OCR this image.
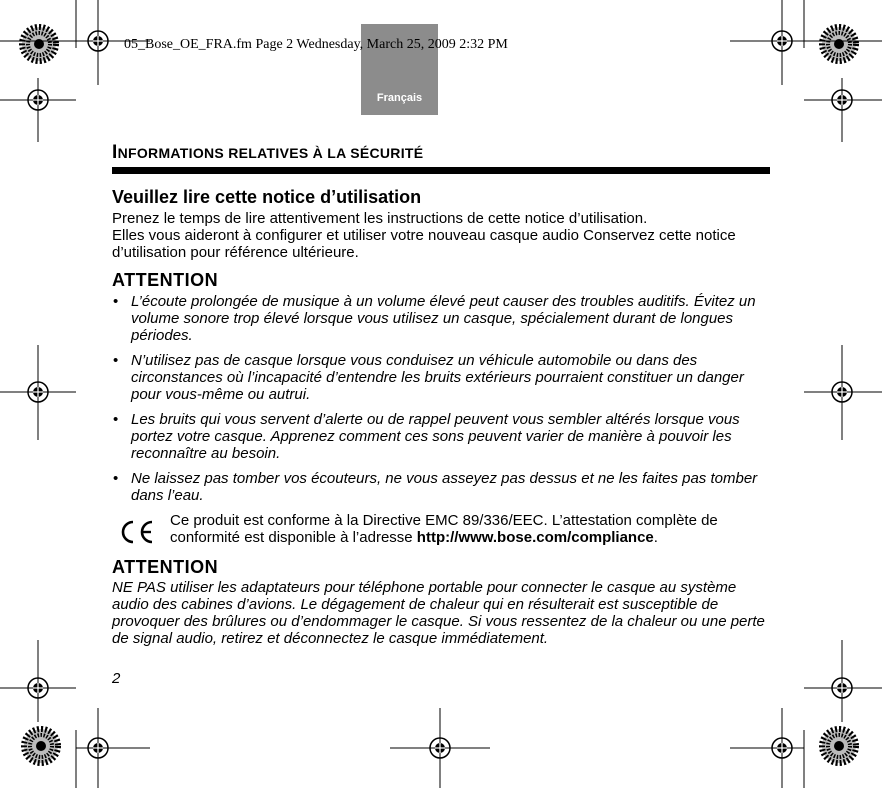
Français
05_Bose_OE_FRA.fm Page 2 Wednesday, March 25, 2009 2:32 PM
INFORMATIONS RELATIVES À LA SÉCURITÉ
Veuillez lire cette notice d’utilisation

Prenez le temps de lire attentivement les instructions de cette notice d’utilisation.

Elles vous aideront à configurer et utiliser votre nouveau casque audio Conservez cette notice d’utilisation pour référence ultérieure.

ATTENTION
• L’écoute prolongée de musique à un volume élevé peut causer des troubles auditifs. Évitez un volume sonore trop élevé lorsque vous utilisez un casque, spécialement durant de longues périodes.
• N’utilisez pas de casque lorsque vous conduisez un véhicule automobile ou dans des circonstances où l’incapacité d’entendre les bruits extérieurs pourraient constituer un danger pour vous-même ou autrui.
• Les bruits qui vous servent d’alerte ou de rappel peuvent vous sembler altérés lorsque vous portez votre casque. Apprenez comment ces sons peuvent varier de manière à pouvoir les reconnaître au besoin.
• Ne laissez pas tomber vos écouteurs, ne vous asseyez pas dessus et ne les faites pas tomber dans l’eau.
Ce produit est conforme à la Directive EMC 89/336/EEC. L’attestation complète de conformité est disponible à l’adresse http://www.bose.com/compliance.
ATTENTION

NE PAS utiliser les adaptateurs pour téléphone portable pour connecter le casque au système audio des cabines d’avions. Le dégagement de chaleur qui en résulterait est susceptible de provoquer des brûlures ou d’endommager le casque. Si vous ressentez de la chaleur ou une perte de signal audio, retirez et déconnectez le casque immédiatement.

2
